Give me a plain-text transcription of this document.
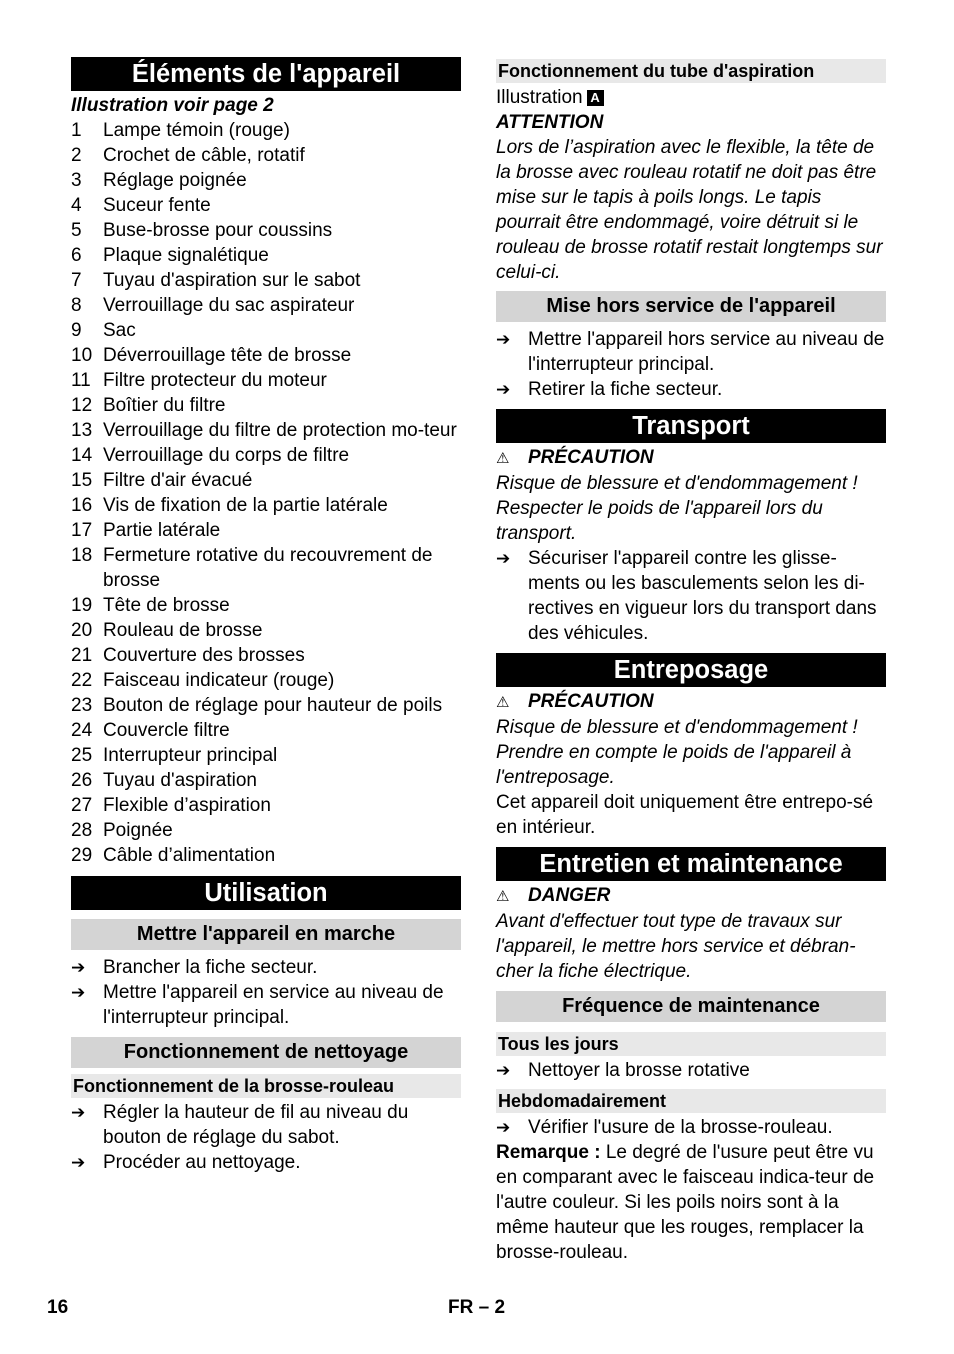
Éléments de l'appareil
Illustration voir page 2
1	Lampe témoin (rouge)
2	Crochet de câble, rotatif
3	Réglage poignée
4	Suceur fente
5	Buse-brosse pour coussins
6	Plaque signalétique
7	Tuyau d'aspiration sur le sabot
8	Verrouillage du sac aspirateur
9	Sac
10 Déverrouillage tête de brosse
11 Filtre protecteur du moteur
12 Boîtier du filtre
13 Verrouillage du filtre de protection mo-teur
14 Verrouillage du corps de filtre
15 Filtre d'air évacué
16 Vis de fixation de la partie latérale
17 Partie latérale
18 Fermeture rotative du recouvrement de brosse
19 Tête de brosse
20 Rouleau de brosse
21 Couverture des brosses
22 Faisceau indicateur (rouge)
23 Bouton de réglage pour hauteur de poils
24 Couvercle filtre
25 Interrupteur principal
26 Tuyau d'aspiration
27 Flexible d’aspiration
28 Poignée
29 Câble d’alimentation
Utilisation
Mettre l'appareil en marche
➔ Brancher la fiche secteur.
➔ Mettre l'appareil en service au niveau de l'interrupteur principal.
Fonctionnement de nettoyage
Fonctionnement de la brosse-rouleau
➔ Régler la hauteur de fil au niveau du bouton de réglage du sabot.
➔ Procéder au nettoyage.
Fonctionnement du tube d'aspiration
Illustration A
ATTENTION
Lors de l’aspiration avec le flexible, la tête de la brosse avec rouleau rotatif ne doit pas être mise sur le tapis à poils longs. Le tapis pourrait être endommagé, voire détruit si le rouleau de brosse rotatif restait longtemps sur celui-ci.
Mise hors service de l'appareil
➔ Mettre l'appareil hors service au niveau de l'interrupteur principal.
➔ Retirer la fiche secteur.
Transport
⚠ PRÉCAUTION
Risque de blessure et d'endommagement ! Respecter le poids de l'appareil lors du transport.
➔ Sécuriser l'appareil contre les glisse-ments ou les basculements selon les di-rectives en vigueur lors du transport dans des véhicules.
Entreposage
⚠ PRÉCAUTION
Risque de blessure et d'endommagement ! Prendre en compte le poids de l'appareil à l'entreposage.
Cet appareil doit uniquement être entrepo-sé en intérieur.
Entretien et maintenance
⚠ DANGER
Avant d'effectuer tout type de travaux sur l'appareil, le mettre hors service et débran-cher la fiche électrique.
Fréquence de maintenance
Tous les jours
➔ Nettoyer la brosse rotative
Hebdomadairement
➔ Vérifier l'usure de la brosse-rouleau.
Remarque : Le degré de l'usure peut être vu en comparant avec le faisceau indica-teur de l'autre couleur. Si les poils noirs sont à la même hauteur que les rouges, remplacer la brosse-rouleau.
16	FR – 2
